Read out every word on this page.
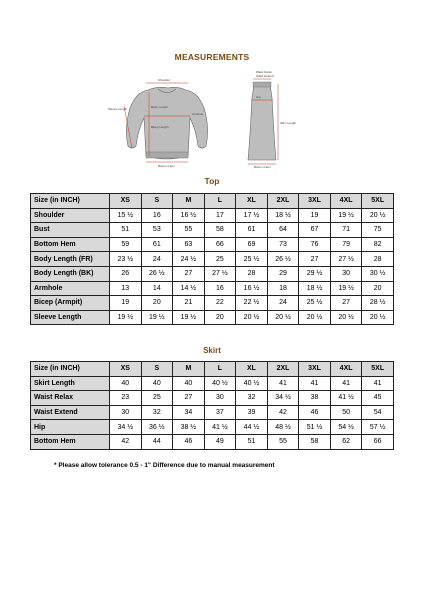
MEASUREMENTS
Shoulder
Sleeve Length
Armhole
Body Length
Bicep Length
Bottom Hem
Waist Relax
Waist Extend
Hip
Skirt Length
Bottom Hem
Top
Size (in INCH)	XS	S	M	L	XL	2XL	3XL	4XL	5XL
Shoulder	15 ½	16	16 ½	17	17 ½	18 ½	19	19 ½	20 ½
Bust	51	53	55	58	61	64	67	71	75
Bottom Hem	59	61	63	66	69	73	76	79	82
Body Length (FR)	23 ½	24	24 ½	25	25 ½	26 ½	27	27 ½	28
Body Length (BK)	26	26 ½	27	27 ½	28	29	29 ½	30	30 ½
Armhole	13	14	14 ½	16	16 ½	18	18 ½	19 ½	20
Bicep (Armpit)	19	20	21	22	22 ½	24	25 ½	27	28 ½
Sleeve Length	19 ½	19 ½	19 ½	20	20 ½	20 ½	20 ½	20 ½	20 ½
Skirt
Size (in INCH)	XS	S	M	L	XL	2XL	3XL	4XL	5XL
Skirt Length	40	40	40	40 ½	40 ½	41	41	41	41
Waist Relax	23	25	27	30	32	34 ½	38	41 ½	45
Waist Extend	30	32	34	37	39	42	46	50	54
Hip	34 ½	36 ½	38 ½	41 ½	44 ½	48 ½	51 ½	54 ½	57 ½
Bottom Hem	42	44	46	49	51	55	58	62	66
* Please allow tolerance 0.5 - 1" Difference due to manual measurement
